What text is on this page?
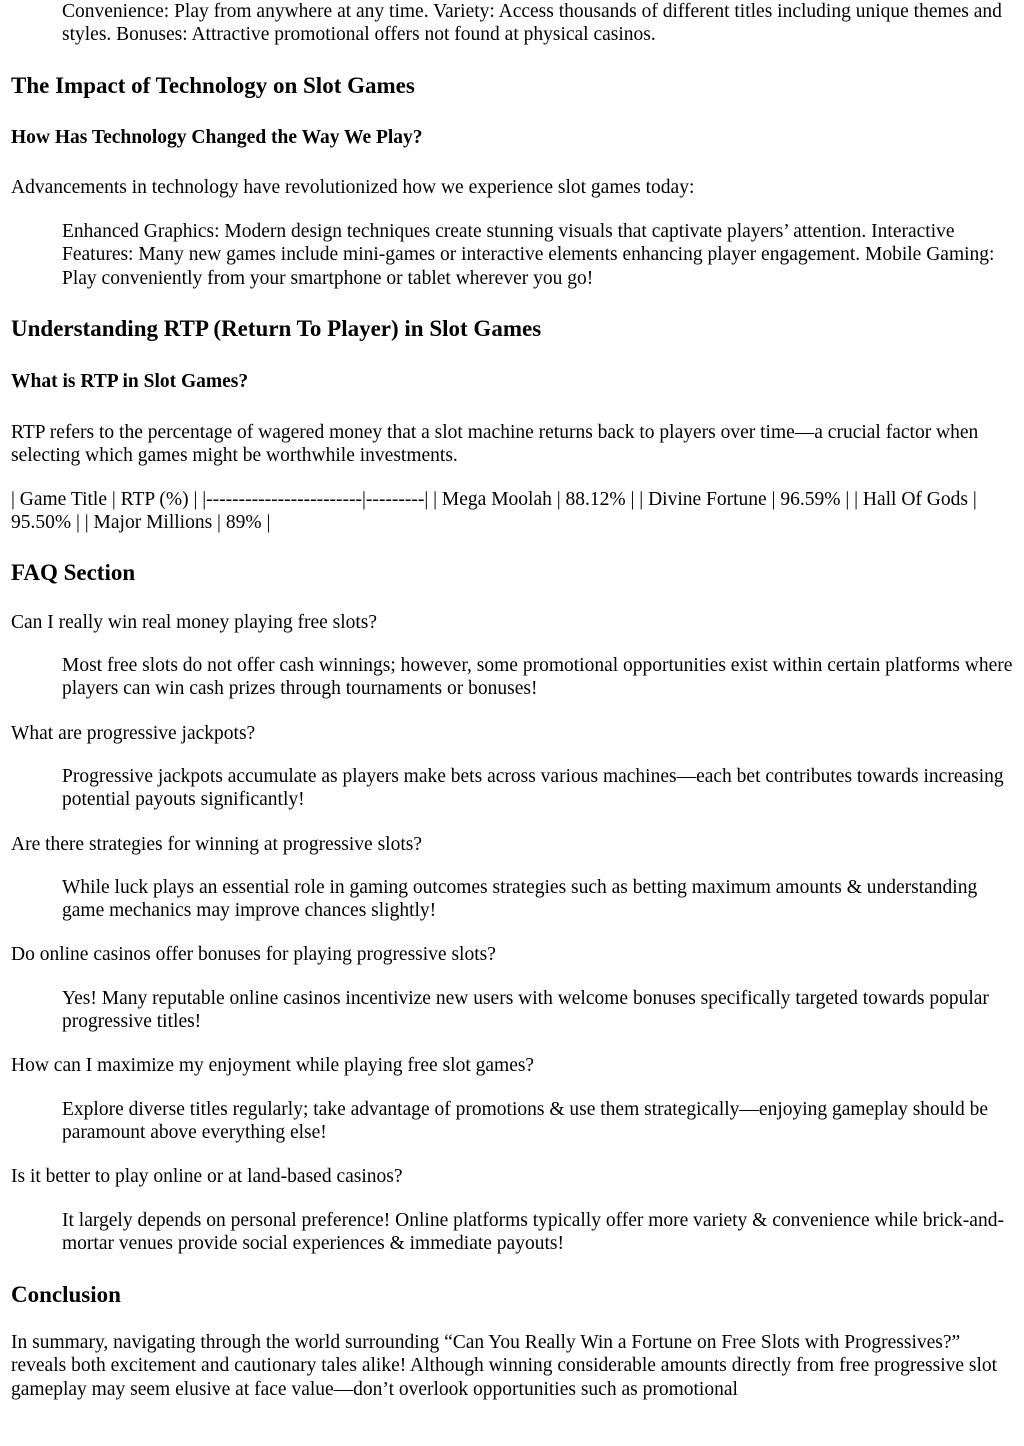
Convenience: Play from anywhere at any time. Variety: Access thousands of different titles including unique themes and styles. Bonuses: Attractive promotional offers not found at physical casinos.
The Impact of Technology on Slot Games
How Has Technology Changed the Way We Play?

Advancements in technology have revolutionized how we experience slot games today:

Enhanced Graphics: Modern design techniques create stunning visuals that captivate players’ attention. Interactive Features: Many new games include mini-games or interactive elements enhancing player engagement. Mobile Gaming: Play conveniently from your smartphone or tablet wherever you go!
Understanding RTP (Return To Player) in Slot Games
What is RTP in Slot Games?

RTP refers to the percentage of wagered money that a slot machine returns back to players over time—a crucial factor when selecting which games might be worthwhile investments.

| Game Title | RTP (%) | |------------------------|---------| | Mega Moolah | 88.12% | | Divine Fortune | 96.59% | | Hall Of Gods | 95.50% | | Major Millions | 89% |

FAQ Section

Can I really win real money playing free slots?

Most free slots do not offer cash winnings; however, some promotional opportunities exist within certain platforms where players can win cash prizes through tournaments or bonuses!

What are progressive jackpots?

Progressive jackpots accumulate as players make bets across various machines—each bet contributes towards increasing potential payouts significantly!

Are there strategies for winning at progressive slots?

While luck plays an essential role in gaming outcomes strategies such as betting maximum amounts & understanding game mechanics may improve chances slightly!

Do online casinos offer bonuses for playing progressive slots?

Yes! Many reputable online casinos incentivize new users with welcome bonuses specifically targeted towards popular progressive titles!

How can I maximize my enjoyment while playing free slot games?

Explore diverse titles regularly; take advantage of promotions & use them strategically—enjoying gameplay should be paramount above everything else!

Is it better to play online or at land-based casinos?

It largely depends on personal preference! Online platforms typically offer more variety & convenience while brick-and-mortar venues provide social experiences & immediate payouts!
Conclusion

In summary, navigating through the world surrounding “Can You Really Win a Fortune on Free Slots with Progressives?” reveals both excitement and cautionary tales alike! Although winning considerable amounts directly from free progressive slot gameplay may seem elusive at face value—don’t overlook opportunities such as promotional
